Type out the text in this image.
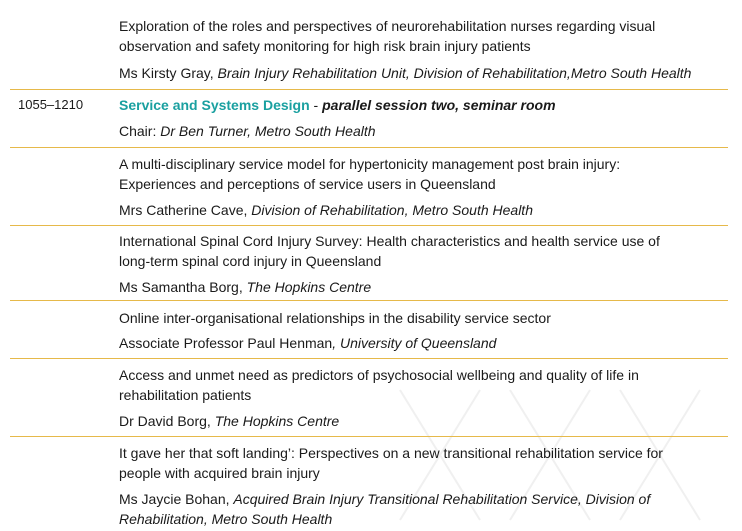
Exploration of the roles and perspectives of neurorehabilitation nurses regarding visual
observation and safety monitoring for high risk brain injury patients
Ms Kirsty Gray, Brain Injury Rehabilitation Unit, Division of Rehabilitation,Metro South Health
1055–1210	Service and Systems Design - parallel session two, seminar room
Chair: Dr Ben Turner, Metro South Health
A multi-disciplinary service model for hypertonicity management post brain injury:
Experiences and perceptions of service users in Queensland
Mrs Catherine Cave, Division of Rehabilitation, Metro South Health
International Spinal Cord Injury Survey: Health characteristics and health service use of
long-term spinal cord injury in Queensland
Ms Samantha Borg, The Hopkins Centre
Online inter-organisational relationships in the disability service sector
Associate Professor Paul Henman, University of Queensland
Access and unmet need as predictors of psychosocial wellbeing and quality of life in
rehabilitation patients
Dr David Borg, The Hopkins Centre
It gave her that soft landing’: Perspectives on a new transitional rehabilitation service for
people with acquired brain injury
Ms Jaycie Bohan, Acquired Brain Injury Transitional Rehabilitation Service, Division of
Rehabilitation, Metro South Health
